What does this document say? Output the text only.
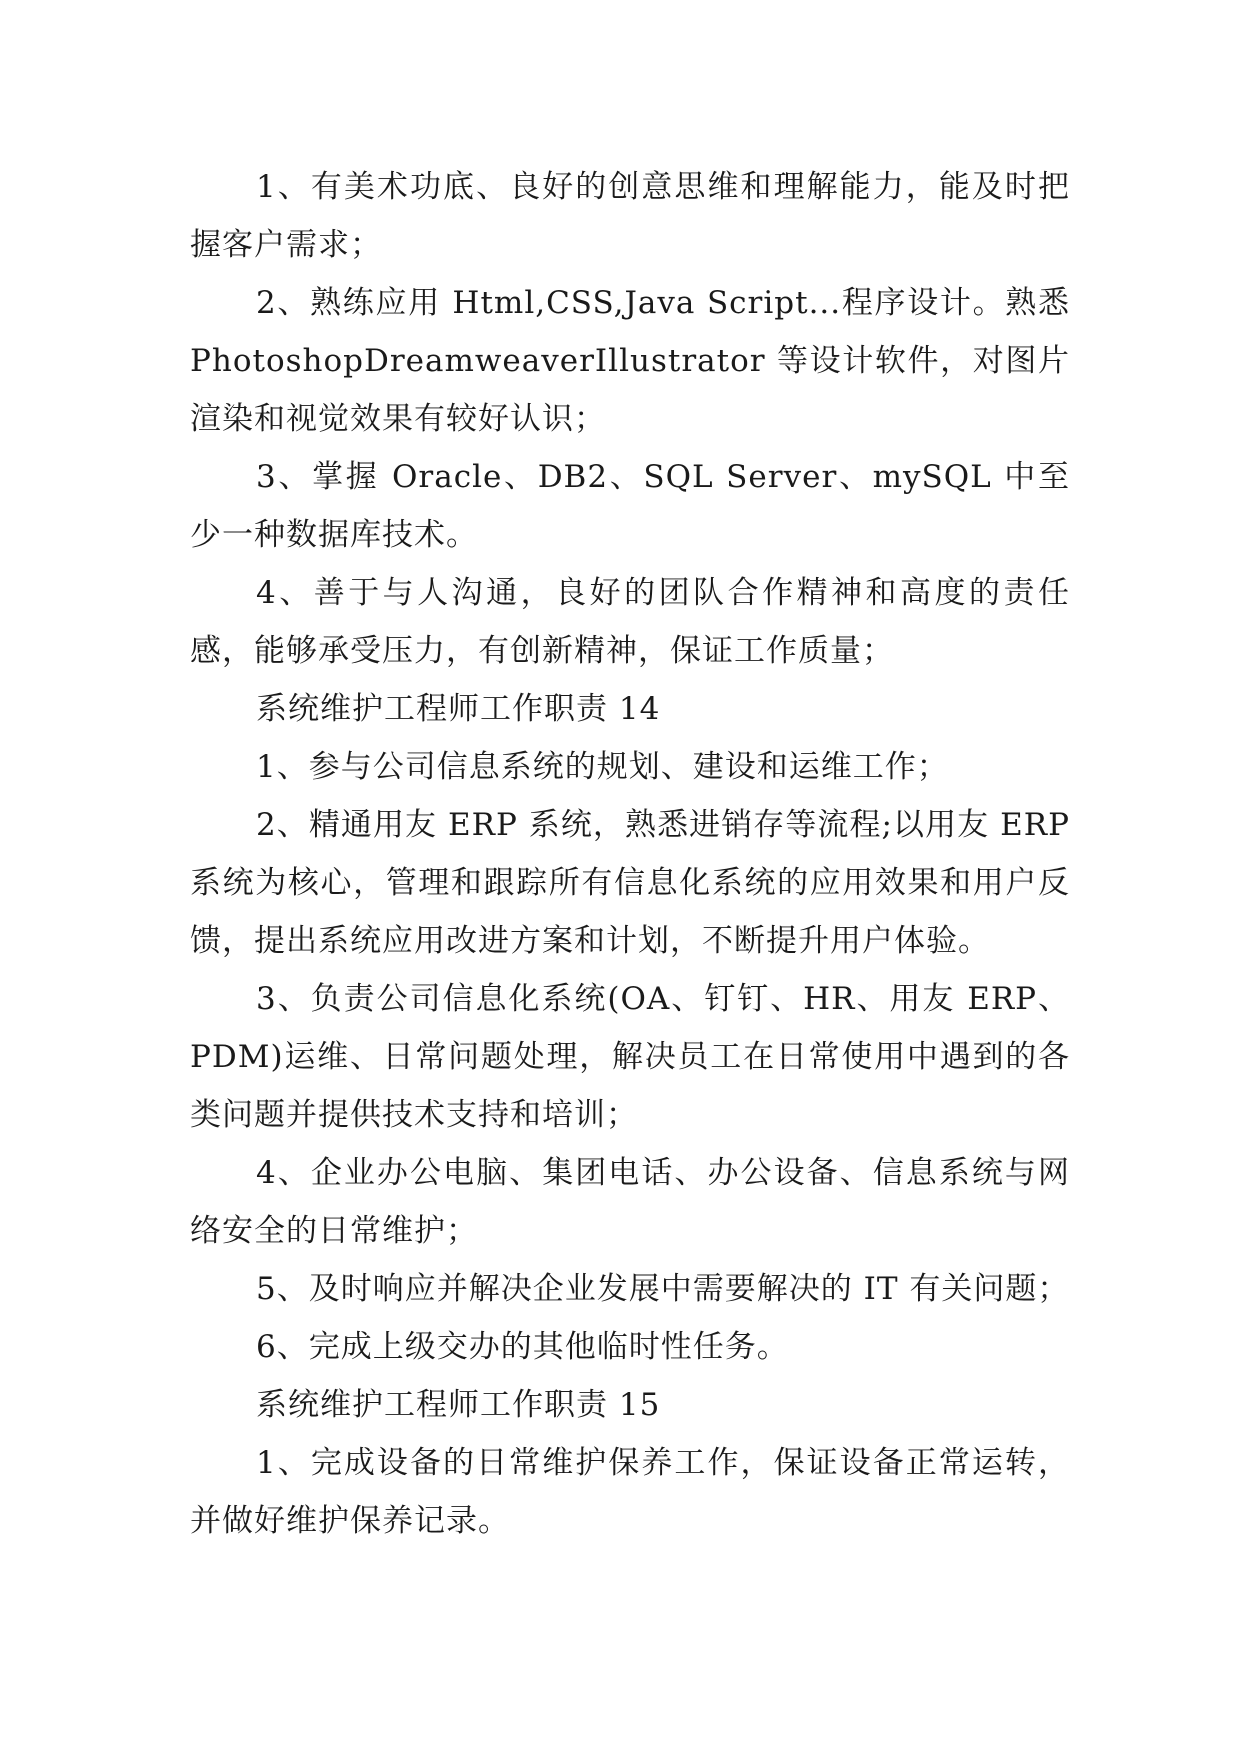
1、有美术功底、良好的创意思维和理解能力，能及时把握客户需求；

2、熟练应用 Html,CSS,Java Script...程序设计。熟悉 PhotoshopDreamweaverIllustrator 等设计软件，对图片渲染和视觉效果有较好认识；

3、掌握 Oracle、DB2、SQL Server、mySQL 中至少一种数据库技术。

4、善于与人沟通，良好的团队合作精神和高度的责任感，能够承受压力，有创新精神，保证工作质量；

系统维护工程师工作职责 14

1、参与公司信息系统的规划、建设和运维工作；

2、精通用友 ERP 系统，熟悉进销存等流程;以用友 ERP 系统为核心，管理和跟踪所有信息化系统的应用效果和用户反馈，提出系统应用改进方案和计划，不断提升用户体验。

3、负责公司信息化系统(OA、钉钉、HR、用友 ERP、PDM)运维、日常问题处理，解决员工在日常使用中遇到的各类问题并提供技术支持和培训；

4、企业办公电脑、集团电话、办公设备、信息系统与网络安全的日常维护；

5、及时响应并解决企业发展中需要解决的 IT 有关问题；

6、完成上级交办的其他临时性任务。

系统维护工程师工作职责 15

1、完成设备的日常维护保养工作，保证设备正常运转，并做好维护保养记录。
